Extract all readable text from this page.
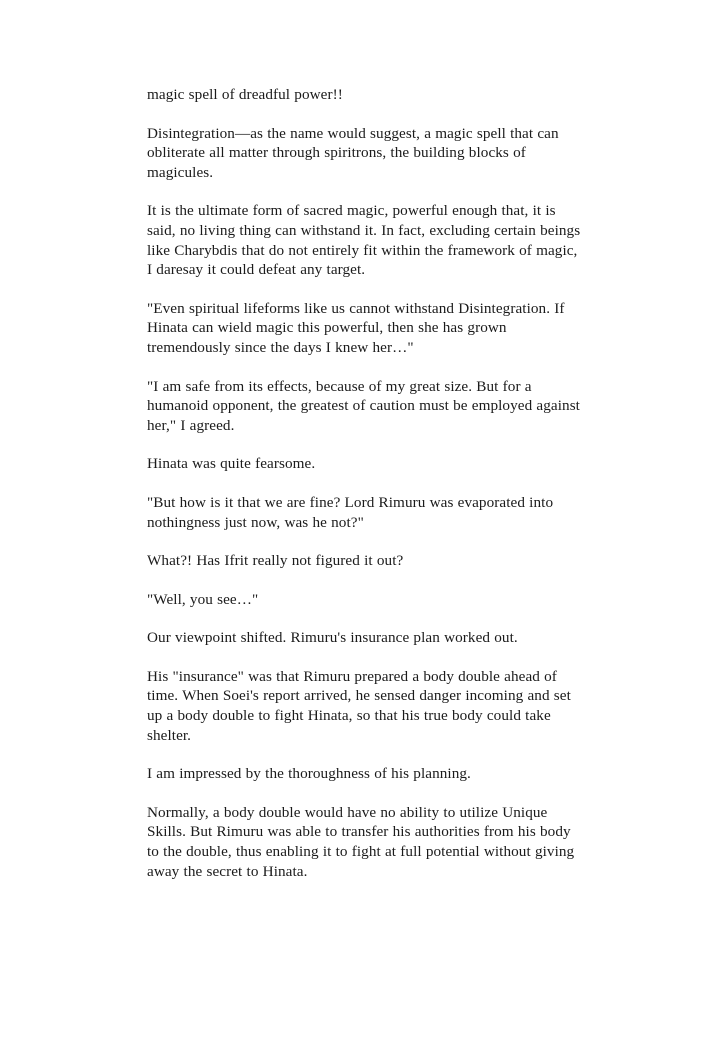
magic spell of dreadful power!!

Disintegration—as the name would suggest, a magic spell that can obliterate all matter through spiritrons, the building blocks of magicules.

It is the ultimate form of sacred magic, powerful enough that, it is said, no living thing can withstand it. In fact, excluding certain beings like Charybdis that do not entirely fit within the framework of magic, I daresay it could defeat any target.

"Even spiritual lifeforms like us cannot withstand Disintegration. If Hinata can wield magic this powerful, then she has grown tremendously since the days I knew her…"

"I am safe from its effects, because of my great size. But for a humanoid opponent, the greatest of caution must be employed against her," I agreed.

Hinata was quite fearsome.

"But how is it that we are fine? Lord Rimuru was evaporated into nothingness just now, was he not?"

What?! Has Ifrit really not figured it out?

"Well, you see…"

Our viewpoint shifted. Rimuru's insurance plan worked out.

His "insurance" was that Rimuru prepared a body double ahead of time. When Soei's report arrived, he sensed danger incoming and set up a body double to fight Hinata, so that his true body could take shelter.

I am impressed by the thoroughness of his planning.

Normally, a body double would have no ability to utilize Unique Skills. But Rimuru was able to transfer his authorities from his body to the double, thus enabling it to fight at full potential without giving away the secret to Hinata.
